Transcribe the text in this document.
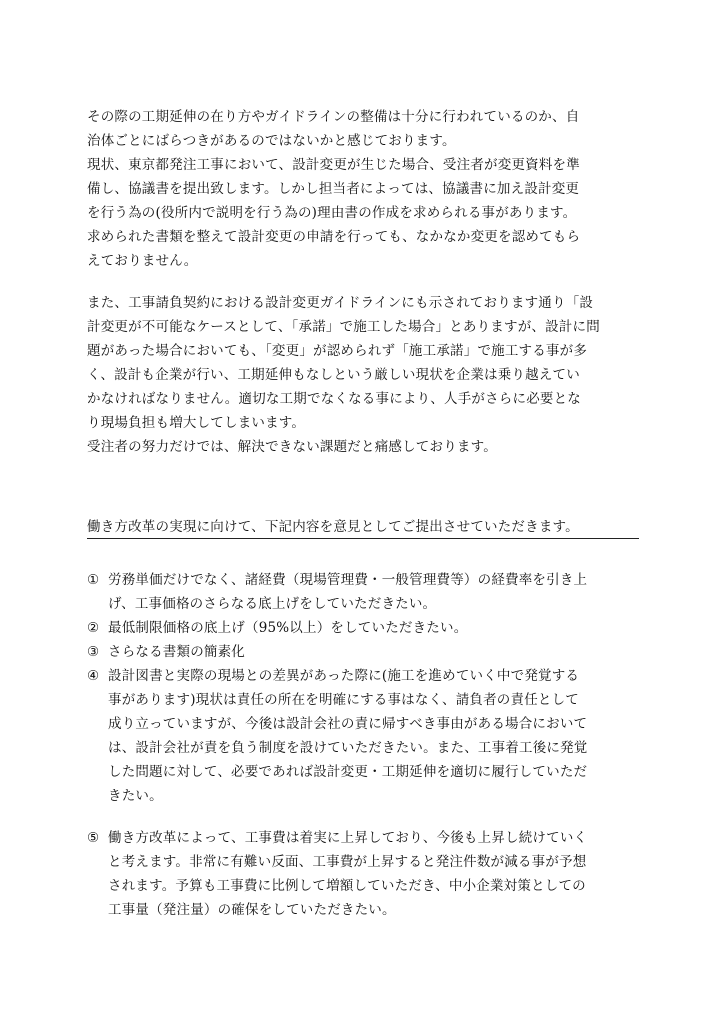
その際の工期延伸の在り方やガイドラインの整備は十分に行われているのか、自
治体ごとにばらつきがあるのではないかと感じております。
現状、東京都発注工事において、設計変更が生じた場合、受注者が変更資料を準
備し、協議書を提出致します。しかし担当者によっては、協議書に加え設計変更
を行う為の(役所内で説明を行う為の)理由書の作成を求められる事があります。
求められた書類を整えて設計変更の申請を行っても、なかなか変更を認めてもら
えておりません。
また、工事請負契約における設計変更ガイドラインにも示されております通り「設
計変更が不可能なケースとして、「承諾」で施工した場合」とありますが、設計に問
題があった場合においても、「変更」が認められず「施工承諾」で施工する事が多
く、設計も企業が行い、工期延伸もなしという厳しい現状を企業は乗り越えてい
かなければなりません。適切な工期でなくなる事により、人手がさらに必要とな
り現場負担も増大してしまいます。
受注者の努力だけでは、解決できない課題だと痛感しております。
働き方改革の実現に向けて、下記内容を意見としてご提出させていただきます。
① 労務単価だけでなく、諸経費（現場管理費・一般管理費等）の経費率を引き上
げ、工事価格のさらなる底上げをしていただきたい。
② 最低制限価格の底上げ（95%以上）をしていただきたい。
③ さらなる書類の簡素化
④ 設計図書と実際の現場との差異があった際に(施工を進めていく中で発覚する
事があります)現状は責任の所在を明確にする事はなく、請負者の責任として
成り立っていますが、今後は設計会社の責に帰すべき事由がある場合において
は、設計会社が責を負う制度を設けていただきたい。また、工事着工後に発覚
した問題に対して、必要であれば設計変更・工期延伸を適切に履行していただ
きたい。
⑤ 働き方改革によって、工事費は着実に上昇しており、今後も上昇し続けていく
と考えます。非常に有難い反面、工事費が上昇すると発注件数が減る事が予想
されます。予算も工事費に比例して増額していただき、中小企業対策としての
工事量（発注量）の確保をしていただきたい。
